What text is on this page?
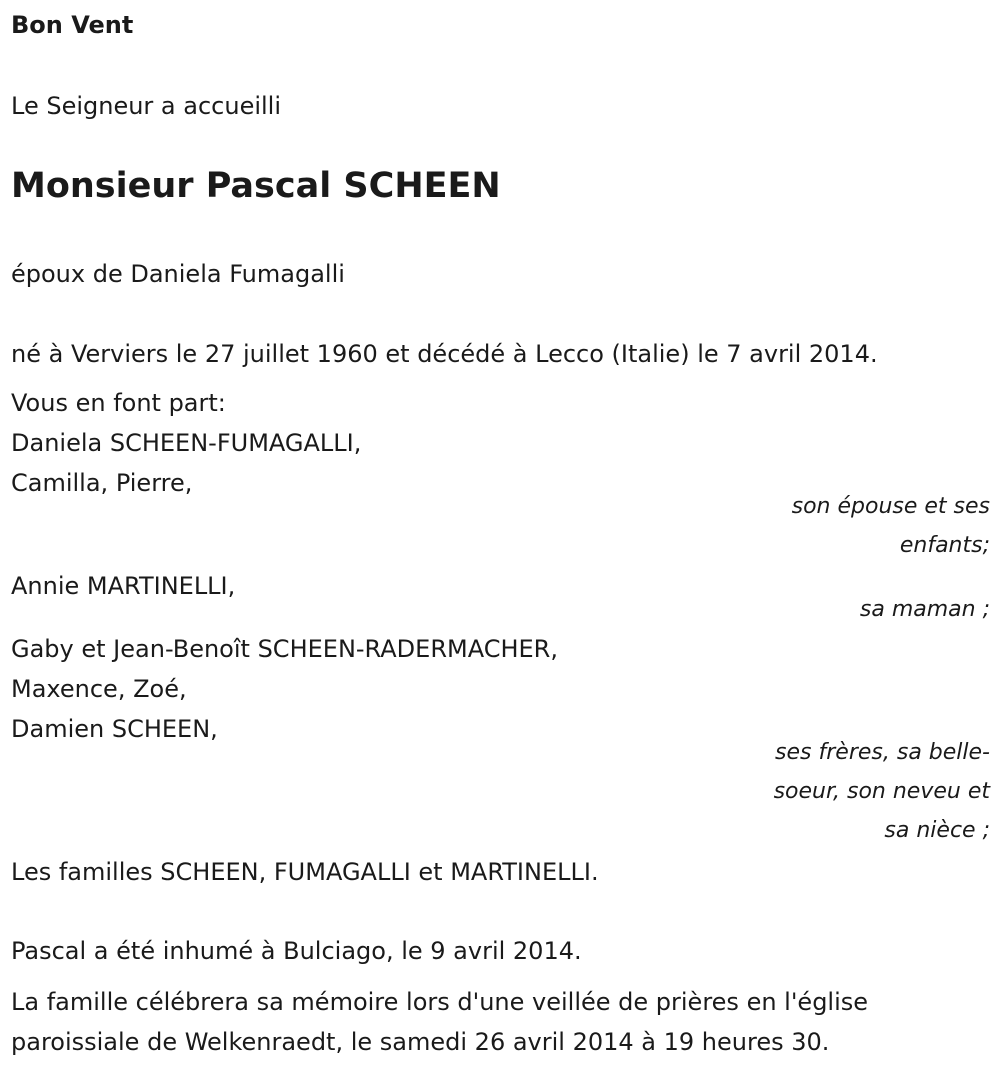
Bon Vent

Le Seigneur a accueilli

Monsieur Pascal SCHEEN

époux de Daniela Fumagalli

né à Verviers le 27 juillet 1960 et décédé à Lecco (Italie) le 7 avril 2014.

Vous en font part:

Daniela SCHEEN-FUMAGALLI,

Camilla, Pierre,

son épouse et ses

enfants;

Annie MARTINELLI,

sa maman ;

Gaby et Jean-Benoît SCHEEN-RADERMACHER,

Maxence, Zoé,

Damien SCHEEN,

ses frères, sa belle-

soeur, son neveu et

sa nièce ;

Les familles SCHEEN, FUMAGALLI et MARTINELLI.

Pascal a été inhumé à Bulciago, le 9 avril 2014.

La famille célébrera sa mémoire lors d'une veillée de prières en l'église

paroissiale de Welkenraedt, le samedi 26 avril 2014 à 19 heures 30.
